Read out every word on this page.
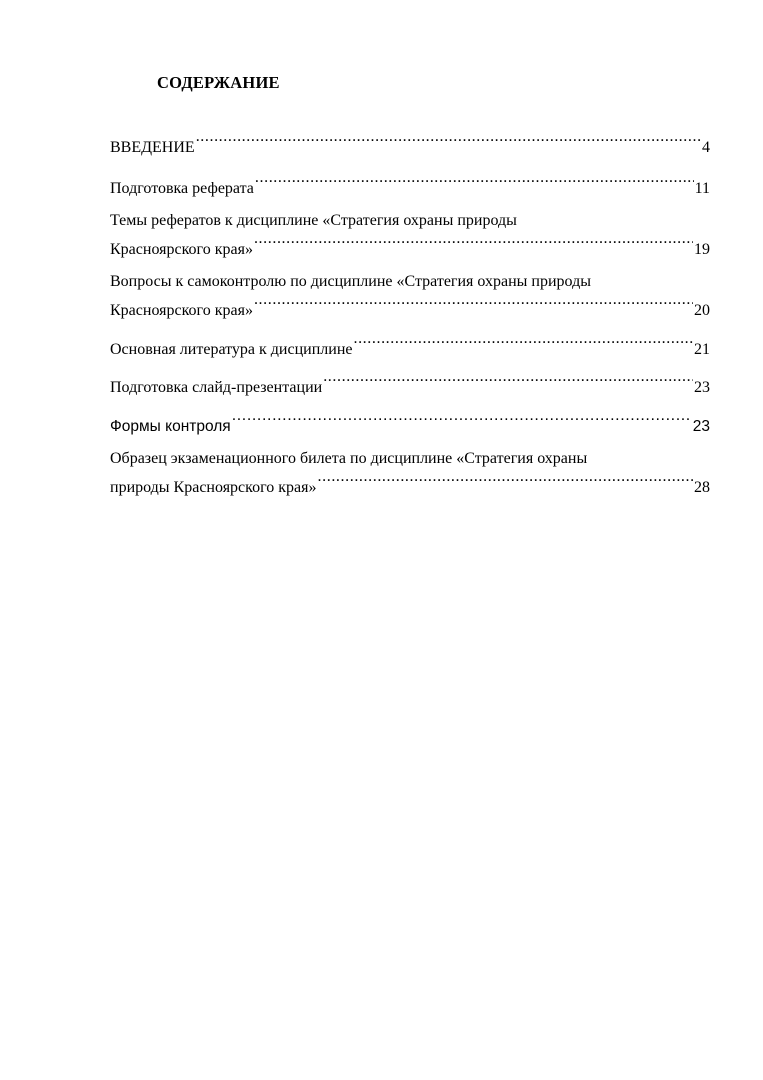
СОДЕРЖАНИЕ
ВВЕДЕНИЕ .....	4
Подготовка реферата .....	11
Темы рефератов к дисциплине «Стратегия охраны природы
Красноярского края» .....	19
Вопросы к самоконтролю по дисциплине «Стратегия охраны природы
Красноярского края» .....	20
Основная литература к дисциплине .....	21
Подготовка слайд-презентации .....	23
Формы контроля .....	23
Образец экзаменационного билета по дисциплине «Стратегия охраны
природы Красноярского края» .....	28
